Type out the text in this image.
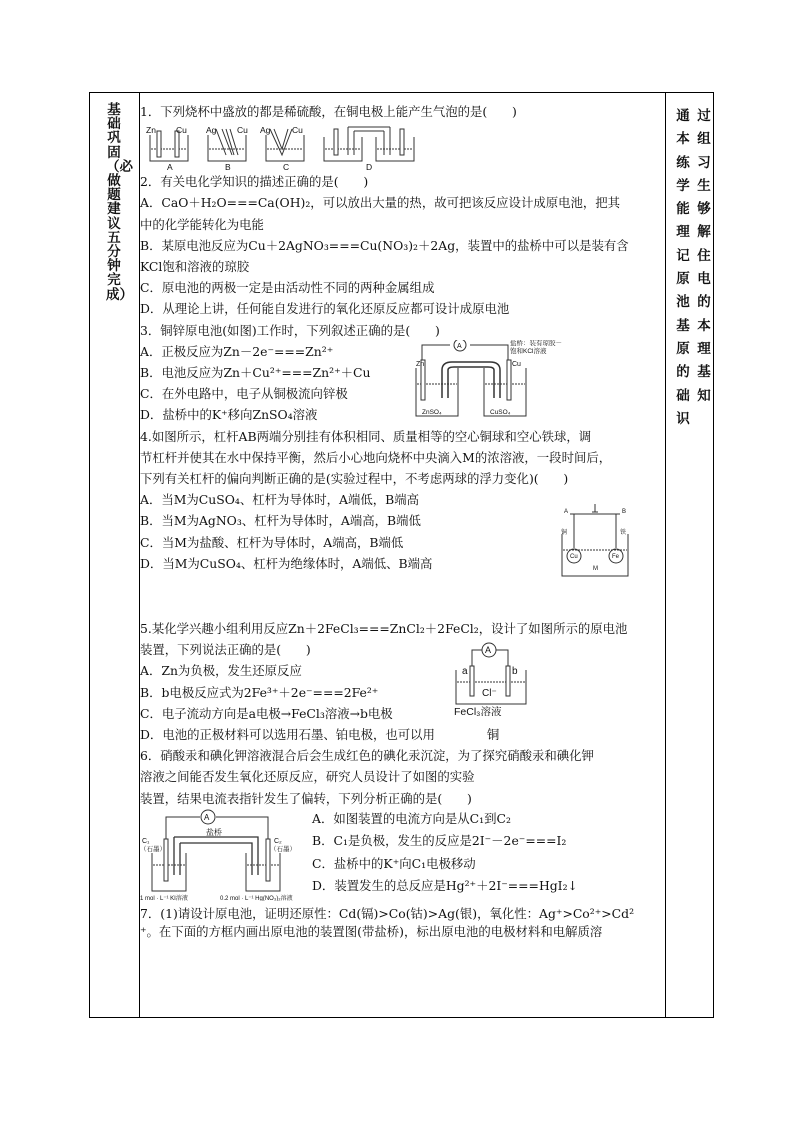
基础巩固（必做题建议五分钟完成）
通本练学能理记原池基原的础识
过组习生够解住电的本理基知

1．下列烧杯中盛放的都是稀硫酸，在铜电极上能产生气泡的是(　　)

Zn Cu Ag Cu Ag	Cu
A	B	C	D

2．有关电化学知识的描述正确的是(　　)

A．CaO＋H₂O===Ca(OH)₂，可以放出大量的热，故可把该反应设计成原电池，把其

中的化学能转化为电能

B．某原电池反应为Cu＋2AgNO₃===Cu(NO₃)₂＋2Ag，装置中的盐桥中可以是装有含

KCl饱和溶液的琼胶

C．原电池的两极一定是由活动性不同的两种金属组成

D．从理论上讲，任何能自发进行的氧化还原反应都可设计成原电池

3．铜锌原电池(如图)工作时，下列叙述正确的是(　　)

A．正极反应为Zn－2e⁻===Zn²⁺

B．电池反应为Zn＋Cu²⁺===Zn²⁺＋Cu

C．在外电路中，电子从铜极流向锌极

D．盐桥中的K⁺移向ZnSO₄溶液

A
Zn	Cu
ZnSO₄	CuSO₄
盐桥：装有琼胶－饱和KCl溶液

4.如图所示，杠杆AB两端分别挂有体积相同、质量相等的空心铜球和空心铁球，调

节杠杆并使其在水中保持平衡，然后小心地向烧杯中央滴入M的浓溶液，一段时间后，

下列有关杠杆的偏向判断正确的是(实验过程中，不考虑两球的浮力变化)(　　)

A．当M为CuSO₄、杠杆为导体时，A端低，B端高

B．当M为AgNO₃、杠杆为导体时，A端高，B端低

C．当M为盐酸、杠杆为导体时，A端高，B端低

D．当M为CuSO₄、杠杆为绝缘体时，A端低、B端高

A	B
铜	铁
Cu	Fe
M

5.某化学兴趣小组利用反应Zn＋2FeCl₃===ZnCl₂＋2FeCl₂，设计了如图所示的原电池

装置，下列说法正确的是(　　)

A．Zn为负极，发生还原反应

B．b电极反应式为2Fe³⁺＋2e⁻===2Fe²⁺

C．电子流动方向是a电极→FeCl₃溶液→b电极

D．电池的正极材料可以选用石墨、铂电极，也可以用	铜

A
a	b
Cl⁻
FeCl₃溶液

6．硝酸汞和碘化钾溶液混合后会生成红色的碘化汞沉淀，为了探究硝酸汞和碘化钾

溶液之间能否发生氧化还原反应，研究人员设计了如图的实验

装置，结果电流表指针发生了偏转，下列分析正确的是(　　)

A
盐桥
C₁
（石墨）
C₂
（石墨）
1 mol · L⁻¹ KI溶液	0.2 mol · L⁻¹ Hg(NO₃)₂溶液

A．如图装置的电流方向是从C₁到C₂

B．C₁是负极，发生的反应是2I⁻－2e⁻===I₂

C．盐桥中的K⁺向C₁电极移动

D．装置发生的总反应是Hg²⁺＋2I⁻===HgI₂↓

7．(1)请设计原电池，证明还原性：Cd(镉)>Co(钴)>Ag(银)，氧化性：Ag⁺>Co²⁺>Cd²

⁺。在下面的方框内画出原电池的装置图(带盐桥)，标出原电池的电极材料和电解质溶
